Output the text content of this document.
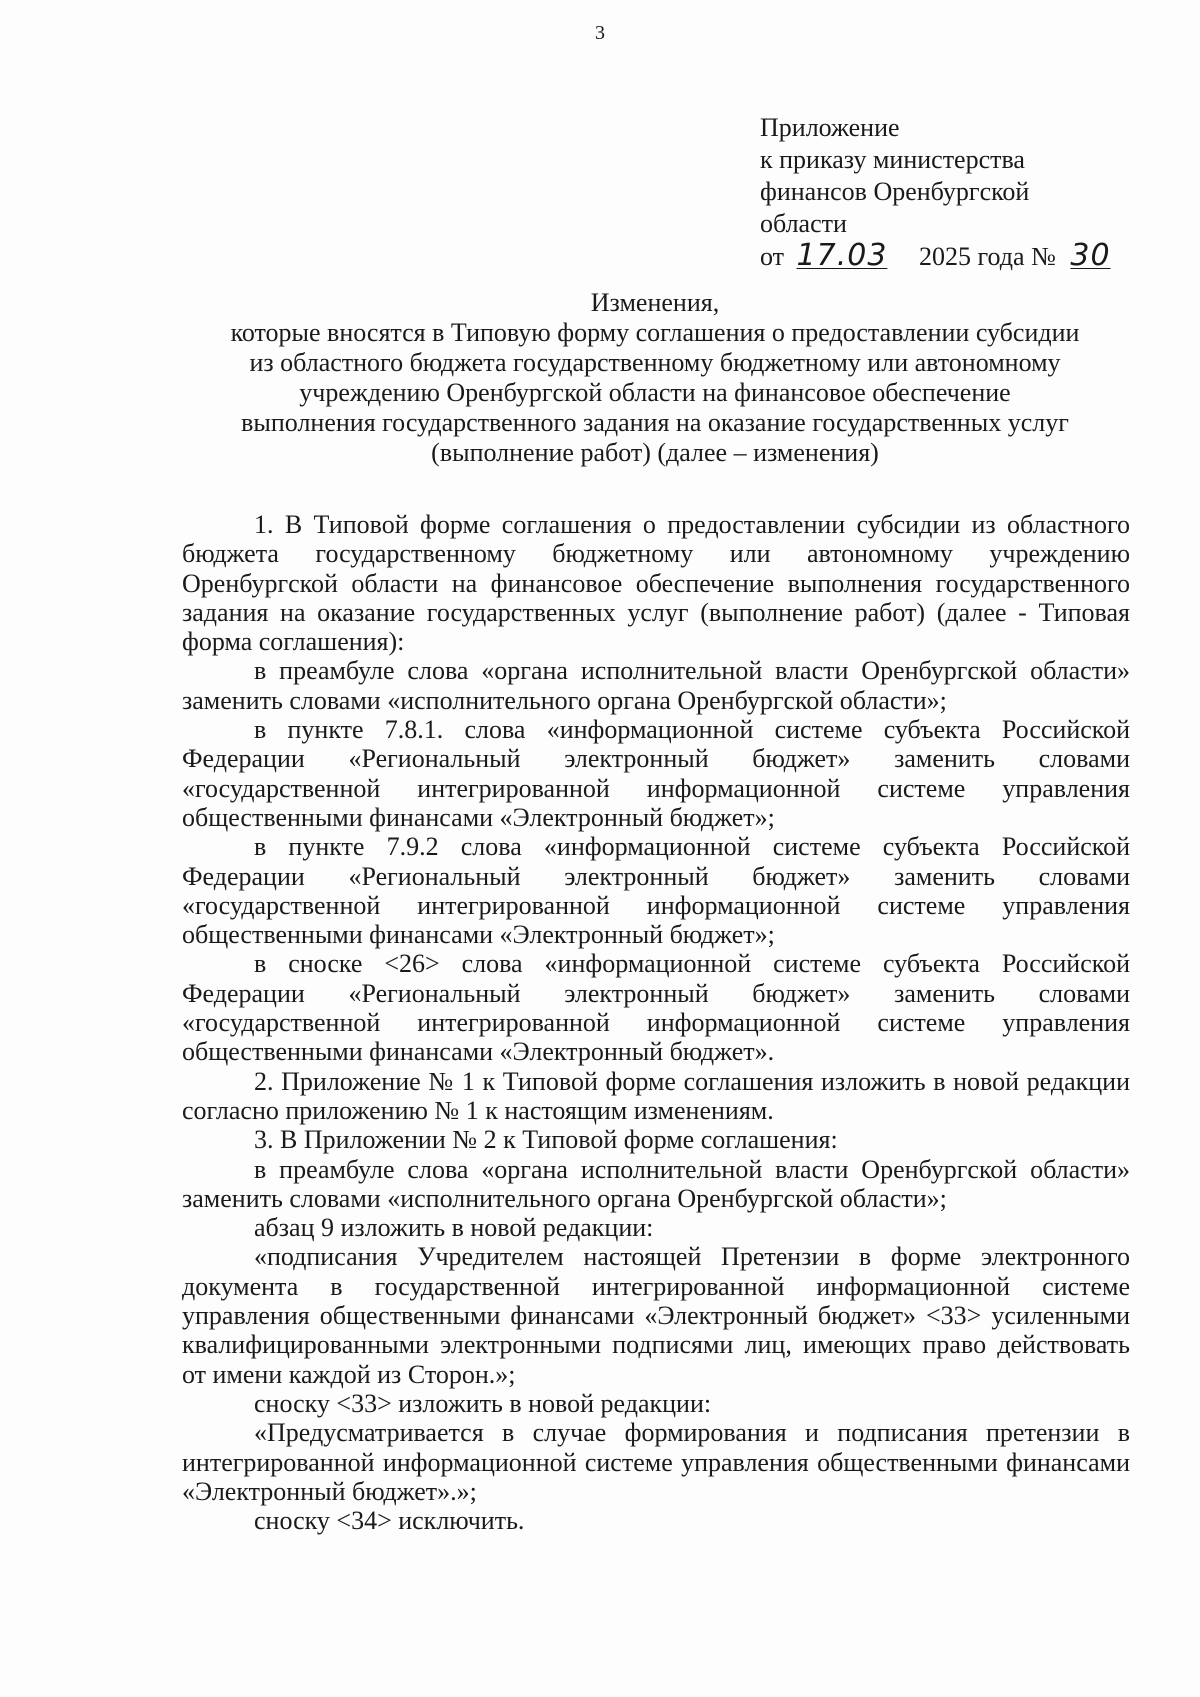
3
Приложение
к приказу министерства
финансов Оренбургской
области
от 17.03 2025 года № 30
Изменения,
которые вносятся в Типовую форму соглашения о предоставлении субсидии
из областного бюджета государственному бюджетному или автономному
учреждению Оренбургской области на финансовое обеспечение
выполнения государственного задания на оказание государственных услуг
(выполнение работ) (далее – изменения)

1. В Типовой форме соглашения о предоставлении субсидии из областного бюджета государственному бюджетному или автономному учреждению Оренбургской области на финансовое обеспечение выполнения государственного задания на оказание государственных услуг (выполнение работ) (далее - Типовая форма соглашения):

в преамбуле слова «органа исполнительной власти Оренбургской области» заменить словами «исполнительного органа Оренбургской области»;

в пункте 7.8.1. слова «информационной системе субъекта Российской Федерации «Региональный электронный бюджет» заменить словами «государственной интегрированной информационной системе управления общественными финансами «Электронный бюджет»;

в пункте 7.9.2 слова «информационной системе субъекта Российской Федерации «Региональный электронный бюджет» заменить словами «государственной интегрированной информационной системе управления общественными финансами «Электронный бюджет»;

в сноске <26> слова «информационной системе субъекта Российской Федерации «Региональный электронный бюджет» заменить словами «государственной интегрированной информационной системе управления общественными финансами «Электронный бюджет».

2. Приложение № 1 к Типовой форме соглашения изложить в новой редакции согласно приложению № 1 к настоящим изменениям.

3. В Приложении № 2 к Типовой форме соглашения:

в преамбуле слова «органа исполнительной власти Оренбургской области» заменить словами «исполнительного органа Оренбургской области»;

абзац 9 изложить в новой редакции:

«подписания Учредителем настоящей Претензии в форме электронного документа в государственной интегрированной информационной системе управления общественными финансами «Электронный бюджет» <33> усиленными квалифицированными электронными подписями лиц, имеющих право действовать от имени каждой из Сторон.»;

сноску <33> изложить в новой редакции:

«Предусматривается в случае формирования и подписания претензии в интегрированной информационной системе управления общественными финансами «Электронный бюджет».»;

сноску <34> исключить.
